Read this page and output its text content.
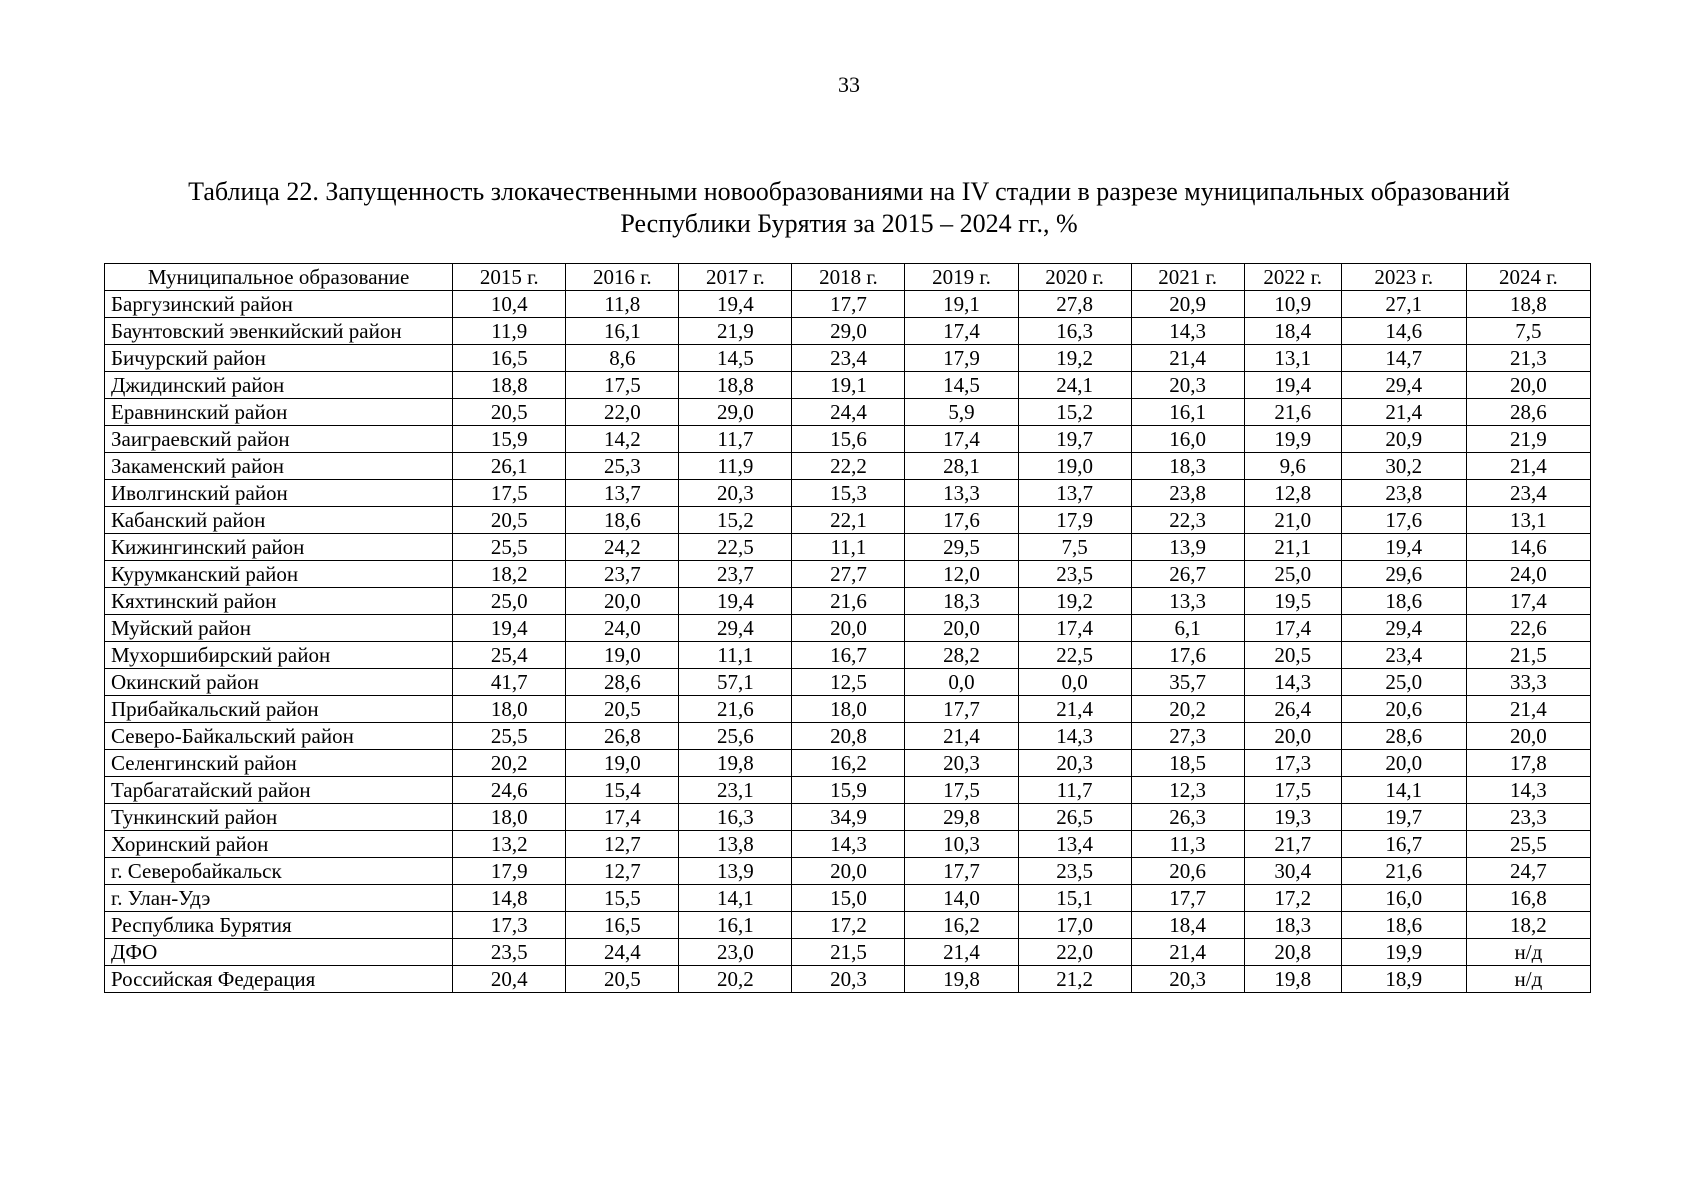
33
Таблица 22. Запущенность злокачественными новообразованиями на IV стадии в разрезе муниципальных образований
Республики Бурятия за 2015 – 2024 гг., %
Муниципальное образование	2015 г.	2016 г.	2017 г.	2018 г.	2019 г.	2020 г.	2021 г.	2022 г.	2023 г.	2024 г.
Баргузинский район	10,4	11,8	19,4	17,7	19,1	27,8	20,9	10,9	27,1	18,8
Баунтовский эвенкийский район	11,9	16,1	21,9	29,0	17,4	16,3	14,3	18,4	14,6	7,5
Бичурский район	16,5	8,6	14,5	23,4	17,9	19,2	21,4	13,1	14,7	21,3
Джидинский район	18,8	17,5	18,8	19,1	14,5	24,1	20,3	19,4	29,4	20,0
Еравнинский район	20,5	22,0	29,0	24,4	5,9	15,2	16,1	21,6	21,4	28,6
Заиграевский район	15,9	14,2	11,7	15,6	17,4	19,7	16,0	19,9	20,9	21,9
Закаменский район	26,1	25,3	11,9	22,2	28,1	19,0	18,3	9,6	30,2	21,4
Иволгинский район	17,5	13,7	20,3	15,3	13,3	13,7	23,8	12,8	23,8	23,4
Кабанский район	20,5	18,6	15,2	22,1	17,6	17,9	22,3	21,0	17,6	13,1
Кижингинский район	25,5	24,2	22,5	11,1	29,5	7,5	13,9	21,1	19,4	14,6
Курумканский район	18,2	23,7	23,7	27,7	12,0	23,5	26,7	25,0	29,6	24,0
Кяхтинский район	25,0	20,0	19,4	21,6	18,3	19,2	13,3	19,5	18,6	17,4
Муйский район	19,4	24,0	29,4	20,0	20,0	17,4	6,1	17,4	29,4	22,6
Мухоршибирский район	25,4	19,0	11,1	16,7	28,2	22,5	17,6	20,5	23,4	21,5
Окинский район	41,7	28,6	57,1	12,5	0,0	0,0	35,7	14,3	25,0	33,3
Прибайкальский район	18,0	20,5	21,6	18,0	17,7	21,4	20,2	26,4	20,6	21,4
Северо-Байкальский район	25,5	26,8	25,6	20,8	21,4	14,3	27,3	20,0	28,6	20,0
Селенгинский район	20,2	19,0	19,8	16,2	20,3	20,3	18,5	17,3	20,0	17,8
Тарбагатайский район	24,6	15,4	23,1	15,9	17,5	11,7	12,3	17,5	14,1	14,3
Тункинский район	18,0	17,4	16,3	34,9	29,8	26,5	26,3	19,3	19,7	23,3
Хоринский район	13,2	12,7	13,8	14,3	10,3	13,4	11,3	21,7	16,7	25,5
г. Северобайкальск	17,9	12,7	13,9	20,0	17,7	23,5	20,6	30,4	21,6	24,7
г. Улан-Удэ	14,8	15,5	14,1	15,0	14,0	15,1	17,7	17,2	16,0	16,8
Республика Бурятия	17,3	16,5	16,1	17,2	16,2	17,0	18,4	18,3	18,6	18,2
ДФО	23,5	24,4	23,0	21,5	21,4	22,0	21,4	20,8	19,9	н/д
Российская Федерация	20,4	20,5	20,2	20,3	19,8	21,2	20,3	19,8	18,9	н/д
